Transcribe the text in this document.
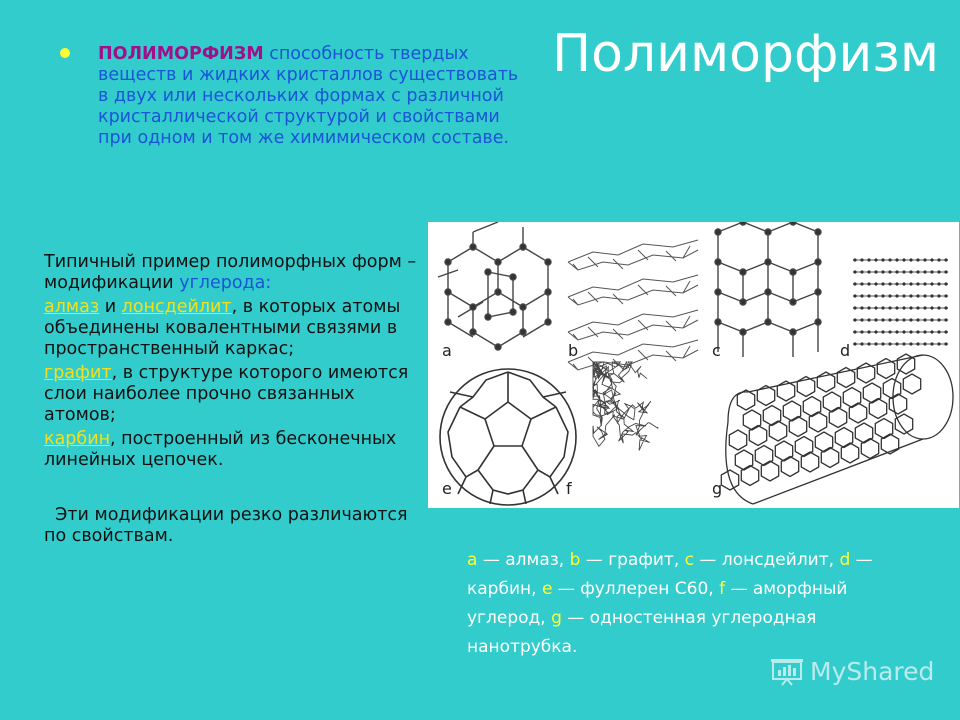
Полиморфизм
ПОЛИМОРФИЗМ способность твердых веществ и жидких кристаллов существовать в двух или нескольких формах с различной кристаллической структурой и свойствами при одном и том же химимическом составе.

Типичный пример полиморфных форм – модификации углерода:

алмаз и лонсдейлит, в которых атомы объединены ковалентными связями в пространственный каркас;

графит, в структуре которого имеются слои наиболее прочно связанных атомов;

карбин, построенный из бесконечных линейных цепочек.

Эти модификации резко различаются по свойствам.

a	b	c	d
e	f	g
a — алмаз, b — графит, c — лонсдейлит, d — карбин, e — фуллерен C60, f — аморфный углерод, g — одностенная углеродная нанотрубка.
MyShared
